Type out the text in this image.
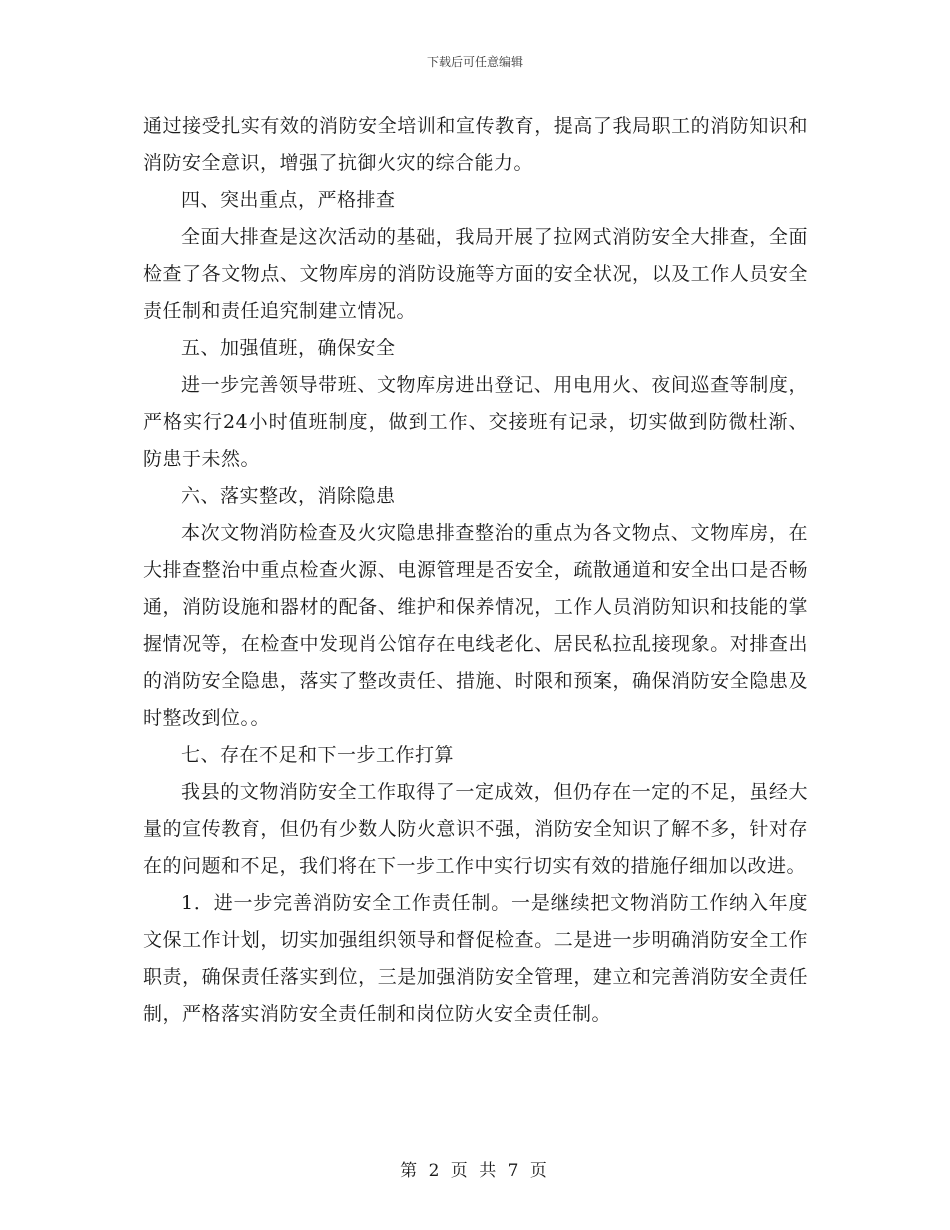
下载后可任意编辑

通过接受扎实有效的消防安全培训和宣传教育，提高了我局职工的消防知识和消防安全意识，增强了抗御火灾的综合能力。

四、突出重点，严格排查

全面大排查是这次活动的基础，我局开展了拉网式消防安全大排查，全面检查了各文物点、文物库房的消防设施等方面的安全状况，以及工作人员安全责任制和责任追究制建立情况。

五、加强值班，确保安全

进一步完善领导带班、文物库房进出登记、用电用火、夜间巡查等制度，严格实行24小时值班制度，做到工作、交接班有记录，切实做到防微杜渐、防患于未然。

六、落实整改，消除隐患

本次文物消防检查及火灾隐患排查整治的重点为各文物点、文物库房，在大排查整治中重点检查火源、电源管理是否安全，疏散通道和安全出口是否畅通，消防设施和器材的配备、维护和保养情况，工作人员消防知识和技能的掌握情况等，在检查中发现肖公馆存在电线老化、居民私拉乱接现象。对排查出的消防安全隐患，落实了整改责任、措施、时限和预案，确保消防安全隐患及时整改到位。。

七、存在不足和下一步工作打算

我县的文物消防安全工作取得了一定成效，但仍存在一定的不足，虽经大量的宣传教育，但仍有少数人防火意识不强，消防安全知识了解不多，针对存在的问题和不足，我们将在下一步工作中实行切实有效的措施仔细加以改进。

1．进一步完善消防安全工作责任制。一是继续把文物消防工作纳入年度文保工作计划，切实加强组织领导和督促检查。二是进一步明确消防安全工作职责，确保责任落实到位，三是加强消防安全管理，建立和完善消防安全责任制，严格落实消防安全责任制和岗位防火安全责任制。

第 2 页 共 7 页
